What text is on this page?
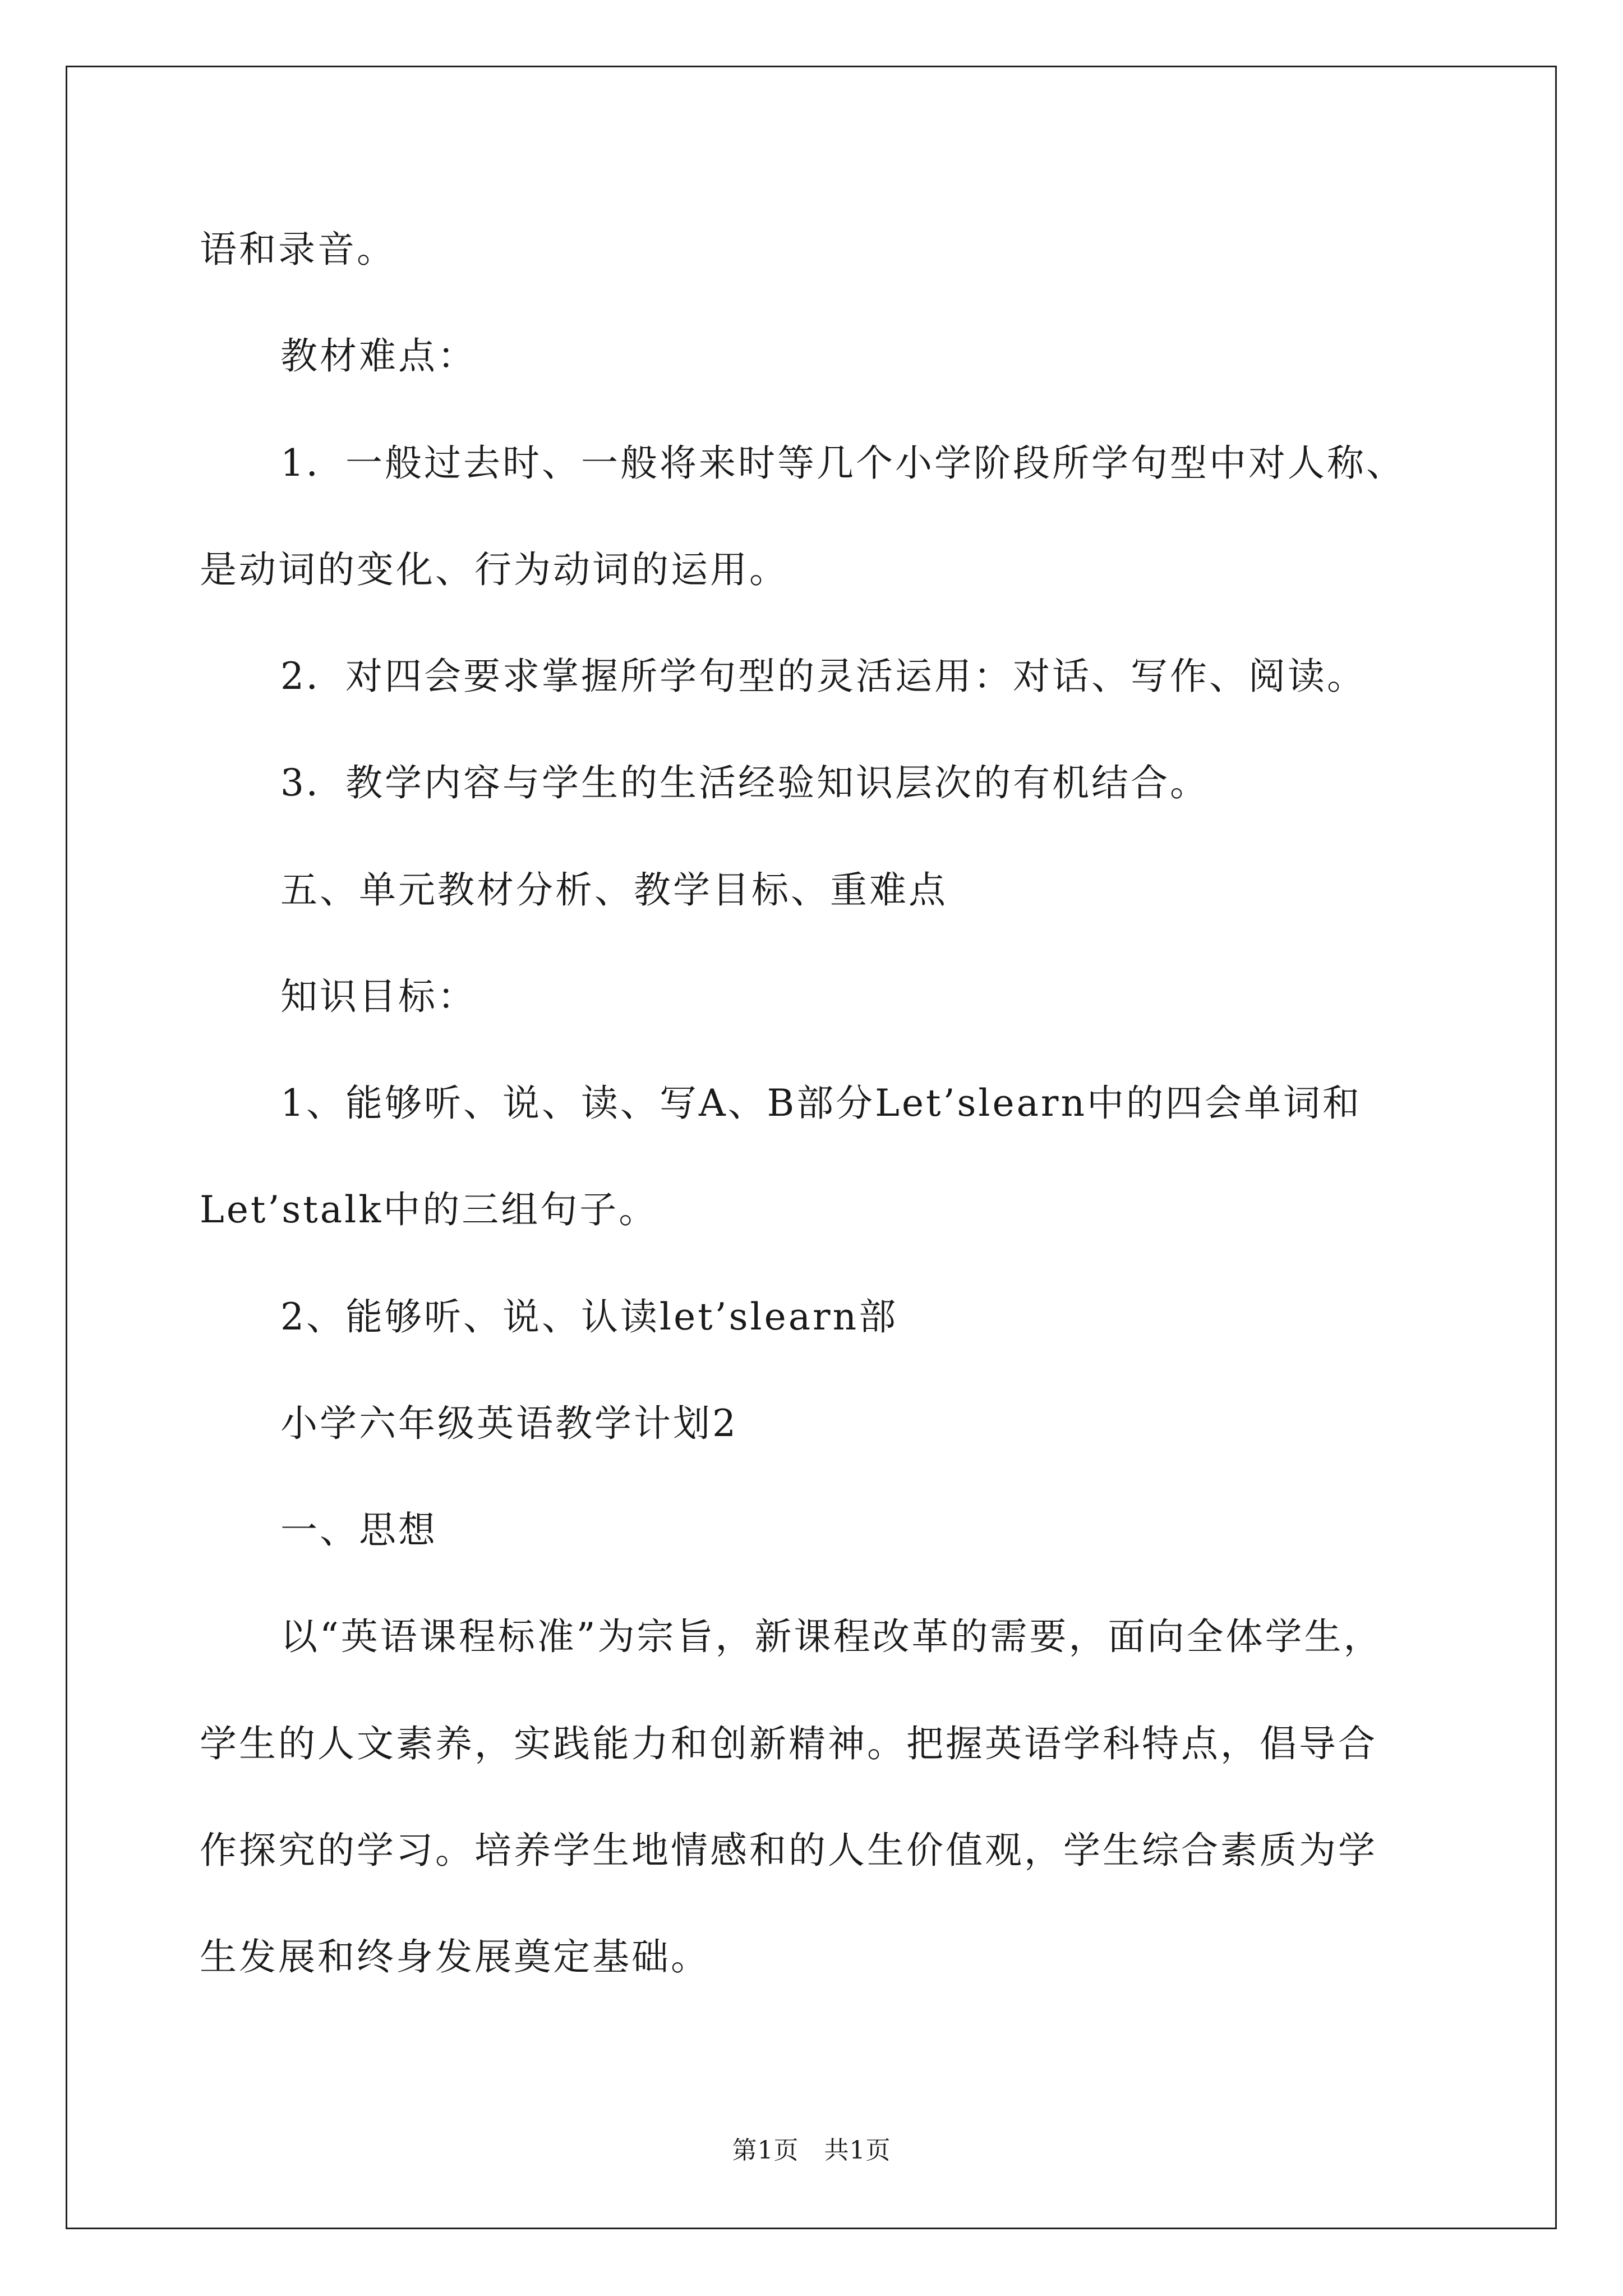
语和录音。
教材难点：
1．一般过去时、一般将来时等几个小学阶段所学句型中对人称、
是动词的变化、行为动词的运用。
2．对四会要求掌握所学句型的灵活运用：对话、写作、阅读。
3．教学内容与学生的生活经验知识层次的有机结合。
五、单元教材分析、教学目标、重难点
知识目标：
1、能够听、说、读、写A、B部分Let’slearn中的四会单词和
Let’stalk中的三组句子。
2、能够听、说、认读let’slearn部
小学六年级英语教学计划2
一、思想
以“英语课程标准”为宗旨，新课程改革的需要，面向全体学生，
学生的人文素养，实践能力和创新精神。把握英语学科特点，倡导合
作探究的学习。培养学生地情感和的人生价值观，学生综合素质为学
生发展和终身发展奠定基础。
第1页　共1页
